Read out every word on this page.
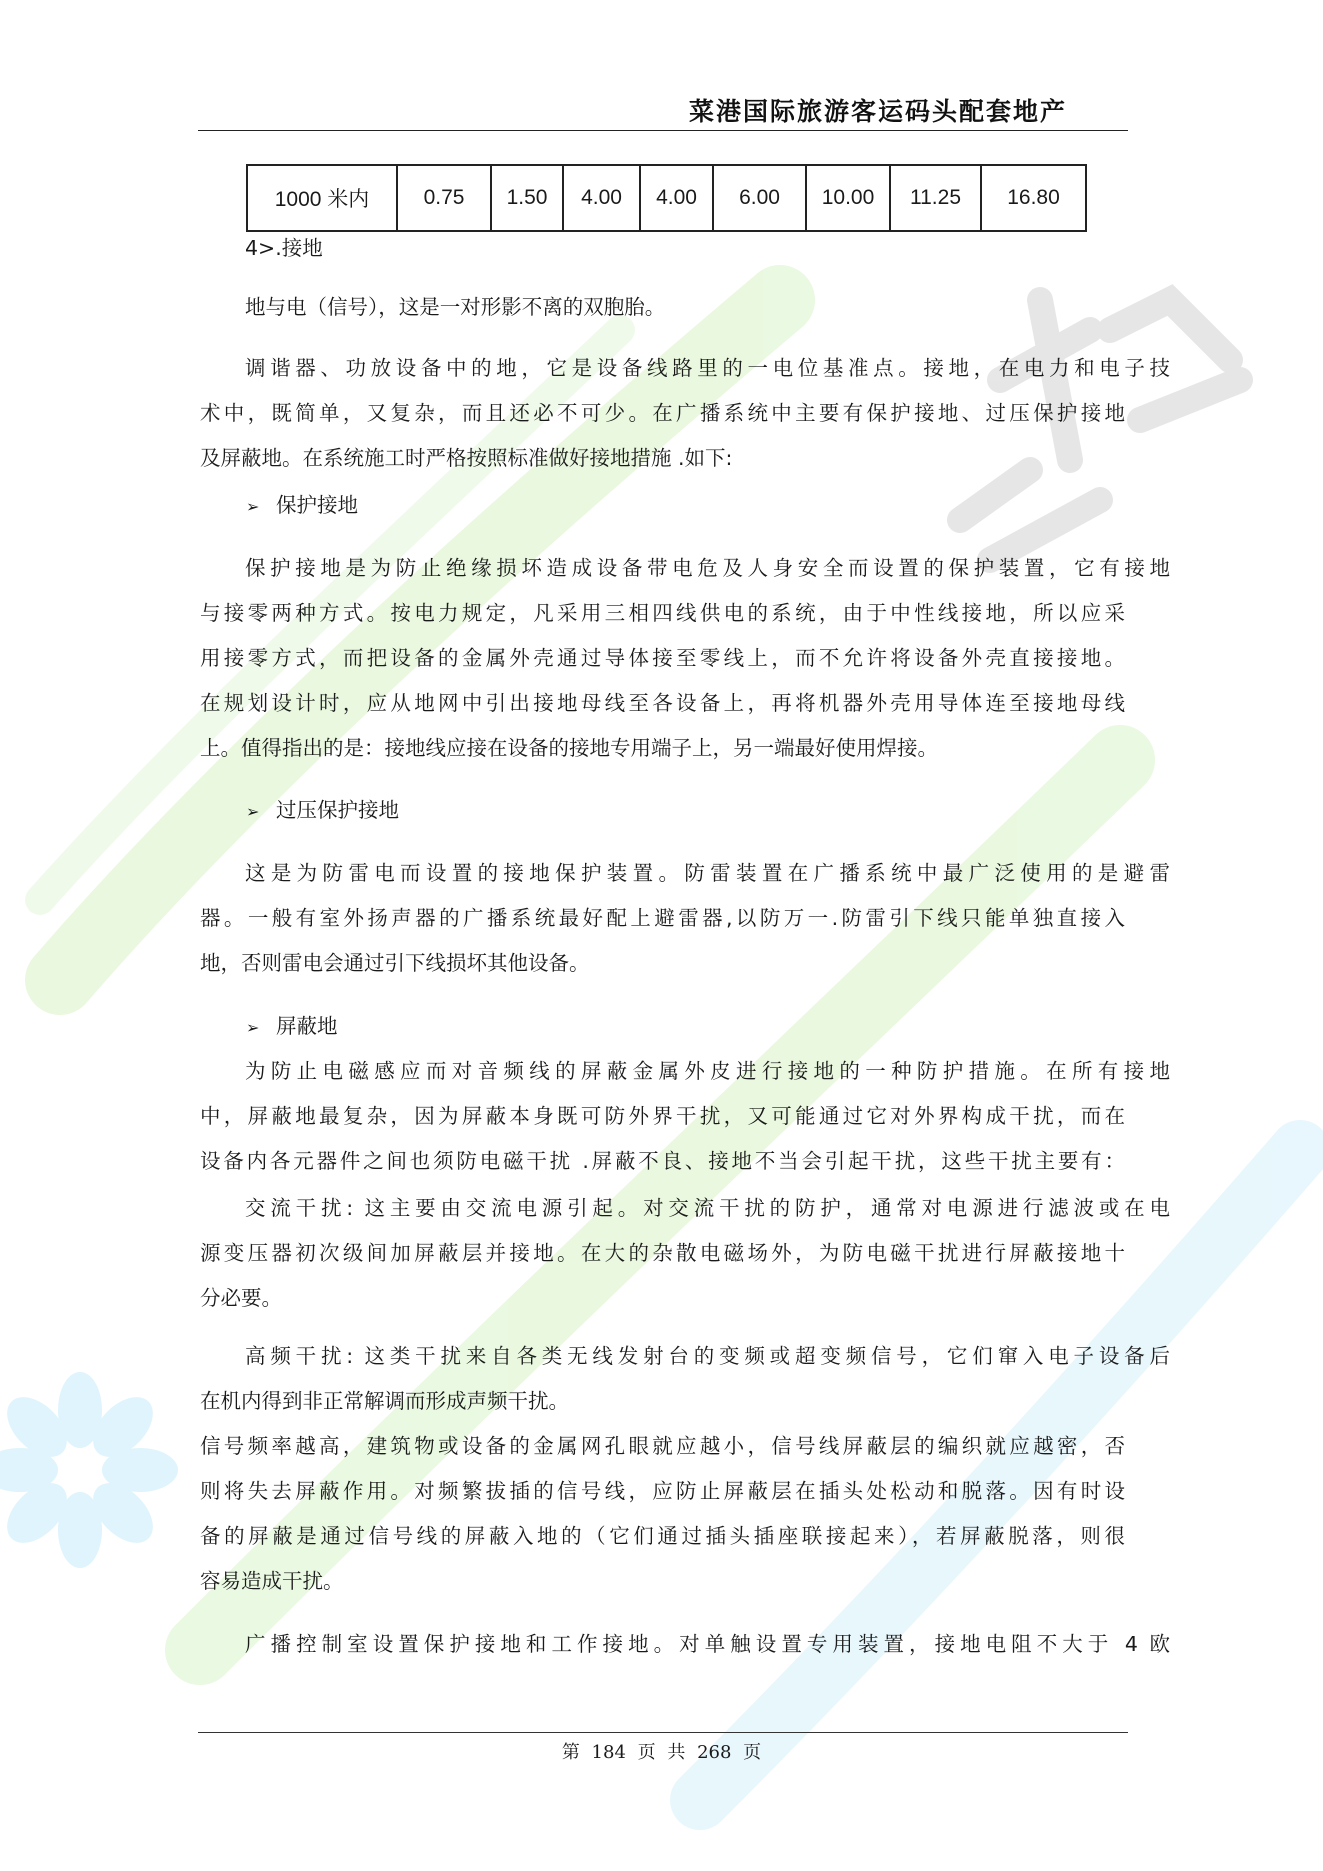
菜港国际旅游客运码头配套地产
1000 米内	0.75	1.50	4.00	4.00	6.00	10.00	11.25	16.80
4>.接地
地与电（信号），这是一对形影不离的双胞胎。
调谐器、功放设备中的地，它是设备线路里的一电位基准点。接地，在电力和电子技
术中，既简单，又复杂，而且还必不可少。在广播系统中主要有保护接地、过压保护接地
及屏蔽地。在系统施工时严格按照标准做好接地措施 .如下:
➢ 保护接地
保护接地是为防止绝缘损坏造成设备带电危及人身安全而设置的保护装置，它有接地
与接零两种方式。按电力规定，凡采用三相四线供电的系统，由于中性线接地，所以应采
用接零方式，而把设备的金属外壳通过导体接至零线上，而不允许将设备外壳直接接地。
在规划设计时，应从地网中引出接地母线至各设备上，再将机器外壳用导体连至接地母线
上。值得指出的是：接地线应接在设备的接地专用端子上，另一端最好使用焊接。
➢ 过压保护接地
这是为防雷电而设置的接地保护装置。防雷装置在广播系统中最广泛使用的是避雷
器。一般有室外扬声器的广播系统最好配上避雷器,以防万一.防雷引下线只能单独直接入
地，否则雷电会通过引下线损坏其他设备。
➢ 屏蔽地
为防止电磁感应而对音频线的屏蔽金属外皮进行接地的一种防护措施。在所有接地
中，屏蔽地最复杂，因为屏蔽本身既可防外界干扰，又可能通过它对外界构成干扰，而在
设备内各元器件之间也须防电磁干扰 .屏蔽不良、接地不当会引起干扰，这些干扰主要有：
交流干扰: 这主要由交流电源引起。对交流干扰的防护，通常对电源进行滤波或在电
源变压器初次级间加屏蔽层并接地。在大的杂散电磁场外，为防电磁干扰进行屏蔽接地十
分必要。
高频干扰: 这类干扰来自各类无线发射台的变频或超变频信号，它们窜入电子设备后
在机内得到非正常解调而形成声频干扰。
信号频率越高，建筑物或设备的金属网孔眼就应越小，信号线屏蔽层的编织就应越密，否
则将失去屏蔽作用。对频繁拔插的信号线，应防止屏蔽层在插头处松动和脱落。因有时设
备的屏蔽是通过信号线的屏蔽入地的（它们通过插头插座联接起来），若屏蔽脱落，则很
容易造成干扰。
广播控制室设置保护接地和工作接地。对单触设置专用装置，接地电阻不大于 4 欧
第 184 页 共 268 页
